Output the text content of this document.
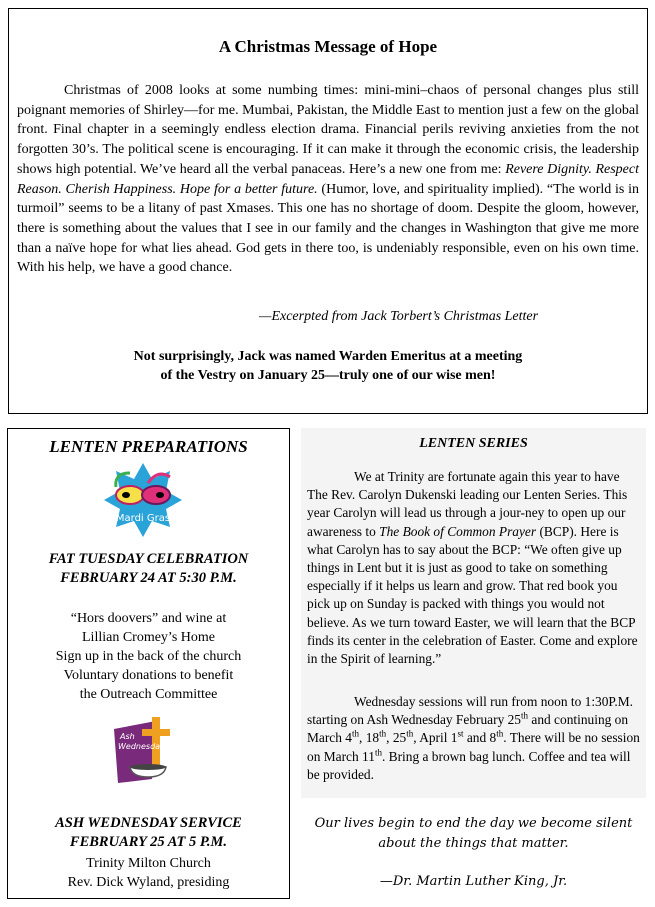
A Christmas Message of Hope

Christmas of 2008 looks at some numbing times: mini-mini–chaos of personal changes plus still poignant memories of Shirley—for me. Mumbai, Pakistan, the Middle East to mention just a few on the global front. Final chapter in a seemingly endless election drama. Financial perils reviving anxieties from the not forgotten 30’s. The political scene is encouraging. If it can make it through the economic crisis, the leadership shows high potential. We’ve heard all the verbal panaceas. Here’s a new one from me: Revere Dignity. Respect Reason. Cherish Happiness. Hope for a better future. (Humor, love, and spirituality implied). “The world is in turmoil” seems to be a litany of past Xmases. This one has no shortage of doom. Despite the gloom, however, there is something about the values that I see in our family and the changes in Washington that give me more than a naïve hope for what lies ahead. God gets in there too, is undeniably responsible, even on his own time. With his help, we have a good chance.

—Excerpted from Jack Torbert’s Christmas Letter

Not surprisingly, Jack was named Warden Emeritus at a meeting
of the Vestry on January 25—truly one of our wise men!

LENTEN PREPARATIONS

Mardi Gras

FAT TUESDAY CELEBRATION

FEBRUARY 24 AT 5:30 P.M.

“Hors doovers” and wine at

Lillian Cromey’s Home

Sign up in the back of the church

Voluntary donations to benefit

the Outreach Committee

Ash
Wednesday

ASH WEDNESDAY SERVICE

FEBRUARY 25 AT 5 P.M.

Trinity Milton Church

Rev. Dick Wyland, presiding

LENTEN SERIES

We at Trinity are fortunate again this year to have The Rev. Carolyn Dukenski leading our Lenten Series. This year Carolyn will lead us through a jour-ney to open up our awareness to The Book of Common Prayer (BCP). Here is what Carolyn has to say about the BCP: “We often give up things in Lent but it is just as good to take on something especially if it helps us learn and grow. That red book you pick up on Sunday is packed with things you would not believe. As we turn toward Easter, we will learn that the BCP finds its center in the celebration of Easter. Come and explore in the Spirit of learning.”

Wednesday sessions will run from noon to 1:30P.M. starting on Ash Wednesday February 25th and continuing on March 4th, 18th, 25th, April 1st and 8th. There will be no session on March 11th. Bring a brown bag lunch. Coffee and tea will be provided.

Our lives begin to end the day we become silent
about the things that matter.

—Dr. Martin Luther King, Jr.
